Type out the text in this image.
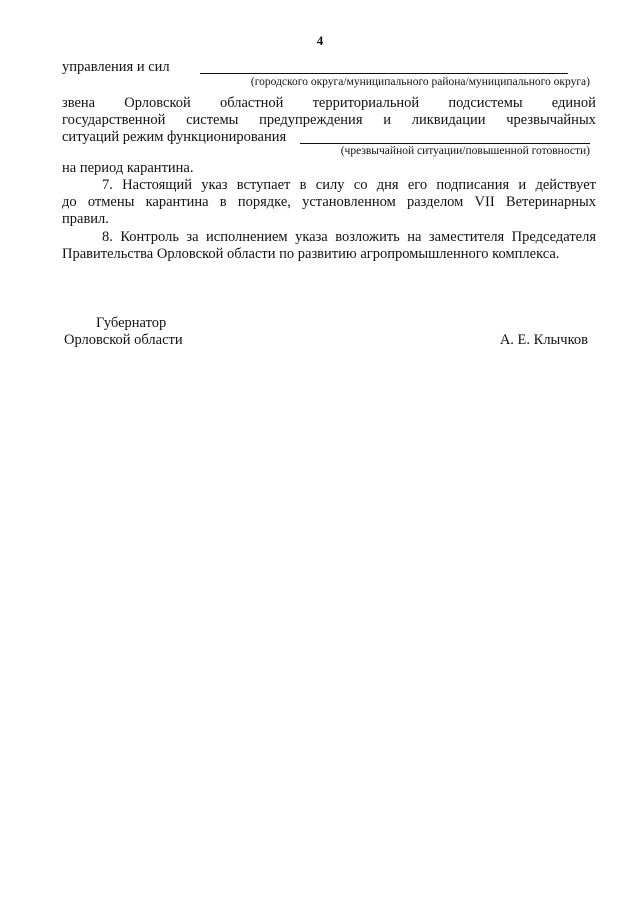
4
управления и сил
(городского округа/муниципального района/муниципального округа)
звена Орловской областной территориальной подсистемы единой
государственной системы предупреждения и ликвидации чрезвычайных
ситуаций режим функционирования
(чрезвычайной ситуации/повышенной готовности)
на период карантина.
7. Настоящий указ вступает в силу со дня его подписания и действует
до отмены карантина в порядке, установленном разделом VII Ветеринарных
правил.
8. Контроль за исполнением указа возложить на заместителя Председателя
Правительства Орловской области по развитию агропромышленного комплекса.
Губернатор
Орловской области	А. Е. Клычков
